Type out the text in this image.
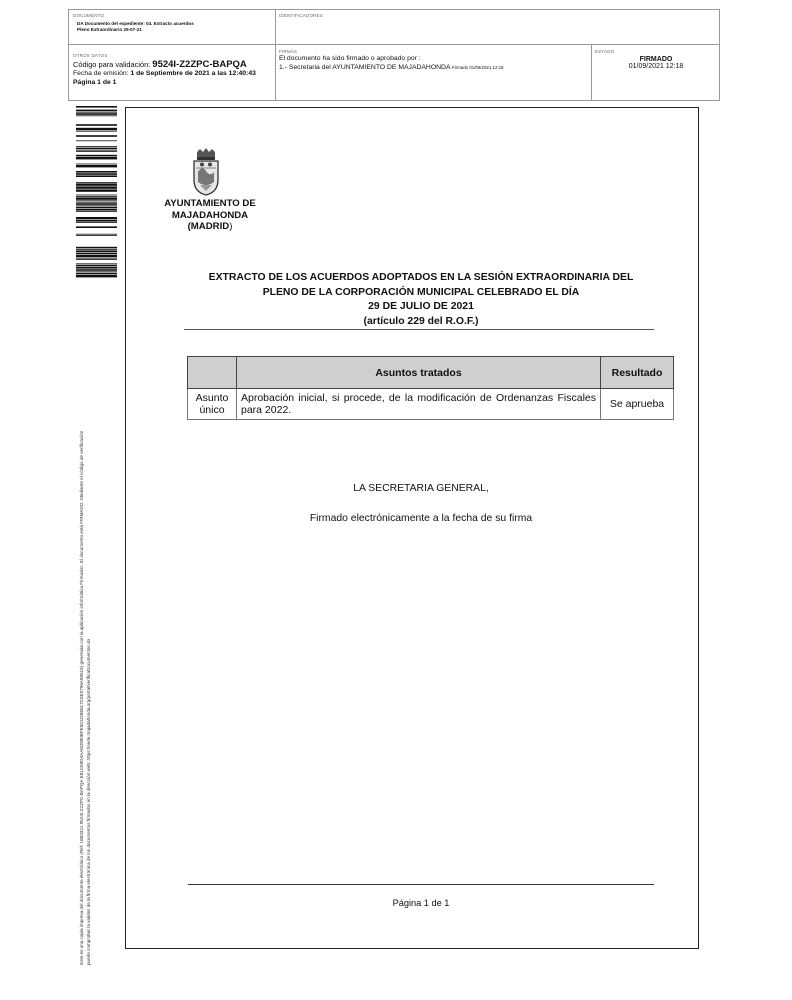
DOCUMENTO
DA Documento del expediente: 04. Extracto acuerdos Pleno Extraordinario 29-07-21
IDENTIFICADORES
OTROS DATOS
Código para validación: 9524I-Z2ZPC-BAPQA
Fecha de emisión: 1 de Septiembre de 2021 a las 12:40:43
Página 1 de 1
FIRMAS
El documento ha sido firmado o aprobado por :
1.- Secretaria del AYUNTAMIENTO DE MAJADAHONDA Firmado 01/09/2021 12:18
ESTADO
FIRMADO
01/09/2021 12:18
Este es una copia impresa del documento electrónico (Ref: 1883321 9524I-Z2ZPC-BAPQA E81C69D4AA6D980BFE5D1DB5817C8E0796A89515) generada con la aplicación informática Firmadoc. El documento está FIRMADO. Mediante el código de verificación puede comprobar la validez de la firma electrónica de los documentos firmados en la dirección web: https://sede.majadahonda.org/portal/verificaDocumentos.do
AYUNTAMIENTO DE
MAJADAHONDA
(MADRID)
EXTRACTO DE LOS ACUERDOS ADOPTADOS EN LA SESIÓN EXTRAORDINARIA DEL
PLENO DE LA CORPORACIÓN MUNICIPAL CELEBRADO EL DÍA
29 DE JULIO DE 2021
(artículo 229 del R.O.F.)
	Asuntos tratados	Resultado
Asunto único	Aprobación inicial, si procede, de la modificación de Ordenanzas Fiscales para 2022.	Se aprueba
LA SECRETARIA GENERAL,
Firmado electrónicamente a la fecha de su firma
Página 1 de 1
